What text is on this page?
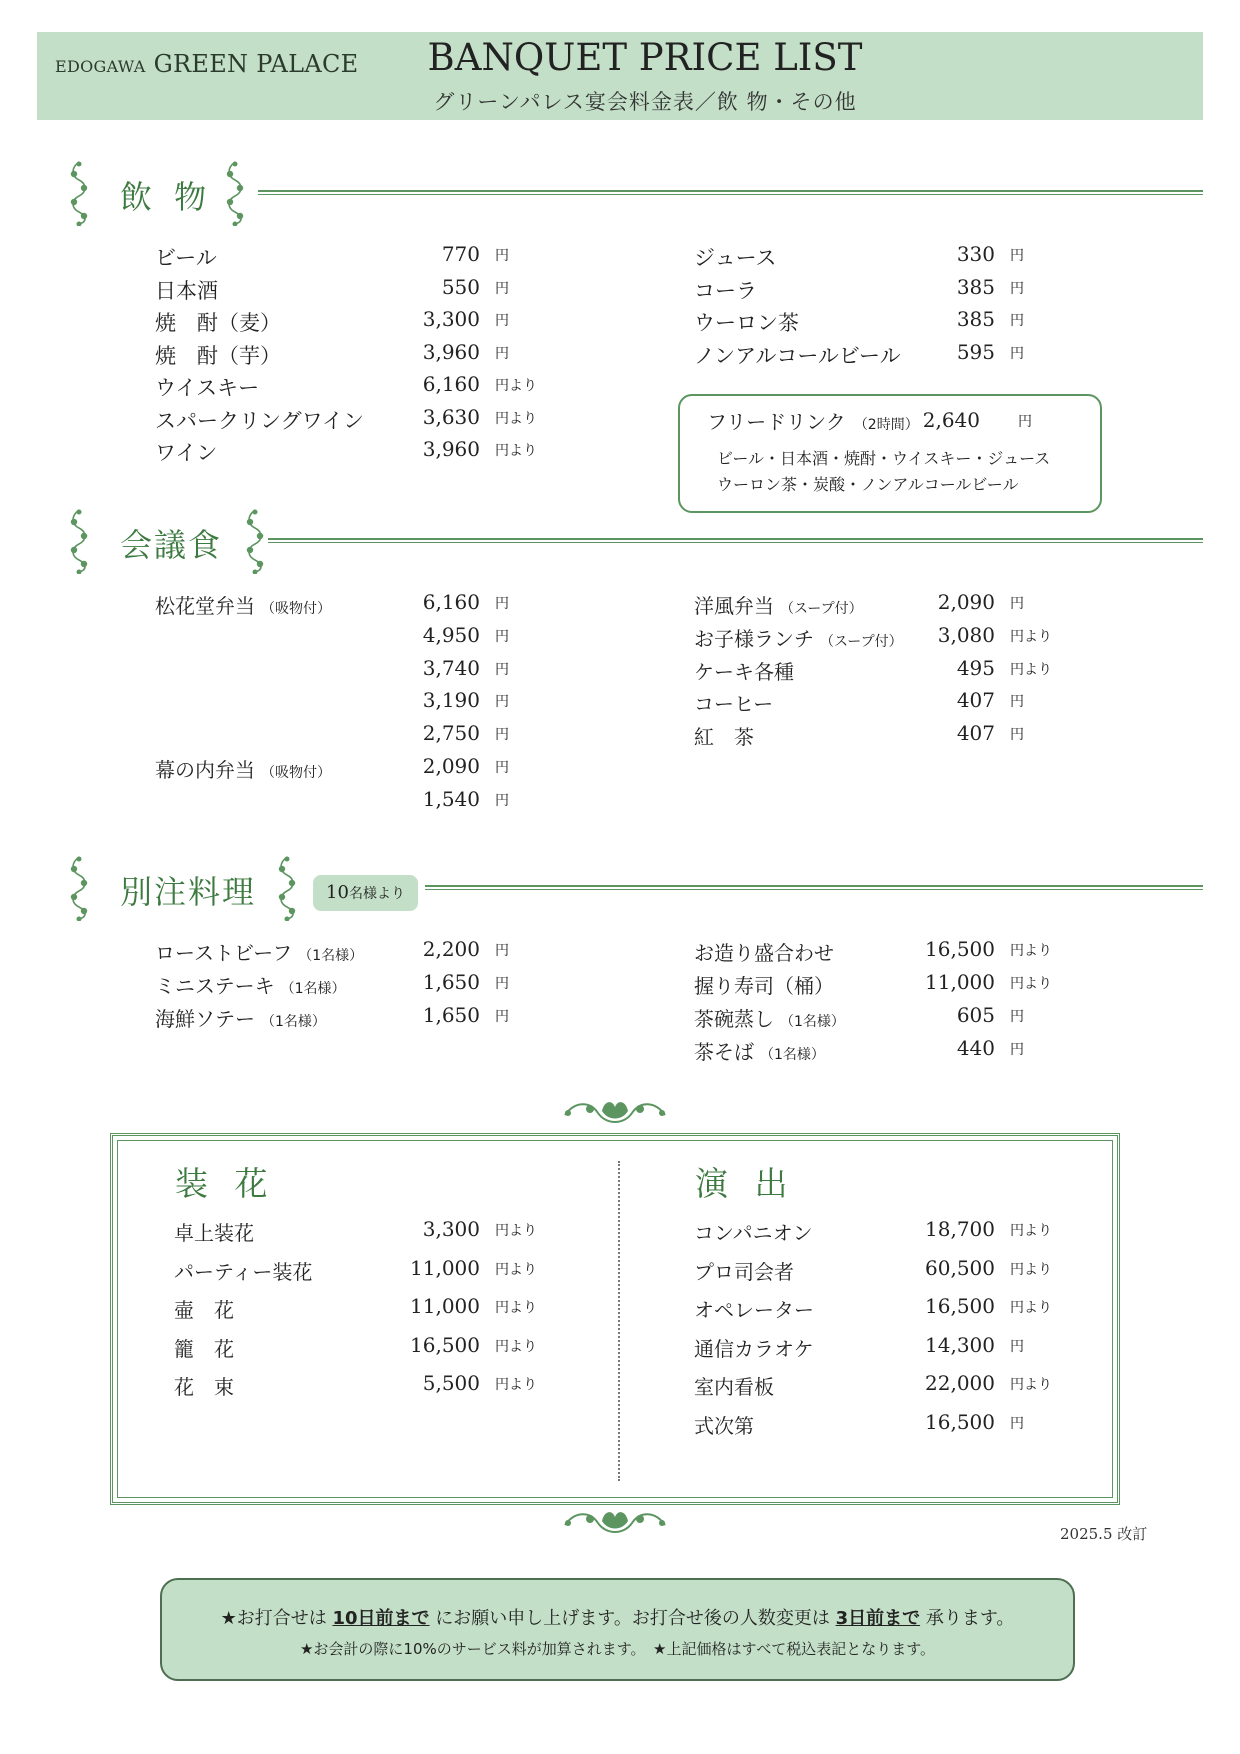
EDOGAWA GREEN PALACE	BANQUET PRICE LIST
グリーンパレス宴会料金表／飲 物・その他
飲 物
ビール	770 円
日本酒	550 円
焼　酎（麦）	3,300 円
焼　酎（芋）	3,960 円
ウイスキー	6,160 円より
スパークリングワイン	3,630 円より
ワイン	3,960 円より
ジュース	330 円
コーラ	385 円
ウーロン茶	385 円
ノンアルコールビール	595 円
フリードリンク （2時間） 2,640	円
ビール・日本酒・焼酎・ウイスキー・ジュース
ウーロン茶・炭酸・ノンアルコールビール
会議食
松花堂弁当 （吸物付）	6,160 円
4,950 円
3,740 円
3,190 円
2,750 円
幕の内弁当 （吸物付）	2,090 円
1,540 円
洋風弁当 （スープ付）	2,090 円
お子様ランチ （スープ付）	3,080 円より
ケーキ各種	495 円より
コーヒー	407 円
紅　茶	407 円
別注料理	10名様より
ローストビーフ （1名様）	2,200 円
ミニステーキ （1名様）	1,650 円
海鮮ソテー （1名様）	1,650 円
お造り盛合わせ	16,500 円より
握り寿司（桶）	11,000 円より
茶碗蒸し （1名様）	605 円
茶そば （1名様）	440 円
装 花	演 出
卓上装花	3,300 円より
パーティー装花	11,000 円より
壷　花	11,000 円より
籠　花	16,500 円より
花　束	5,500 円より
コンパニオン	18,700 円より
プロ司会者	60,500 円より
オペレーター	16,500 円より
通信カラオケ	14,300 円
室内看板	22,000 円より
式次第	16,500 円
2025.5 改訂
★お打合せは 10日前まで にお願い申し上げます。お打合せ後の人数変更は 3日前まで 承ります。
★お会計の際に10%のサービス料が加算されます。　★上記価格はすべて税込表記となります。
